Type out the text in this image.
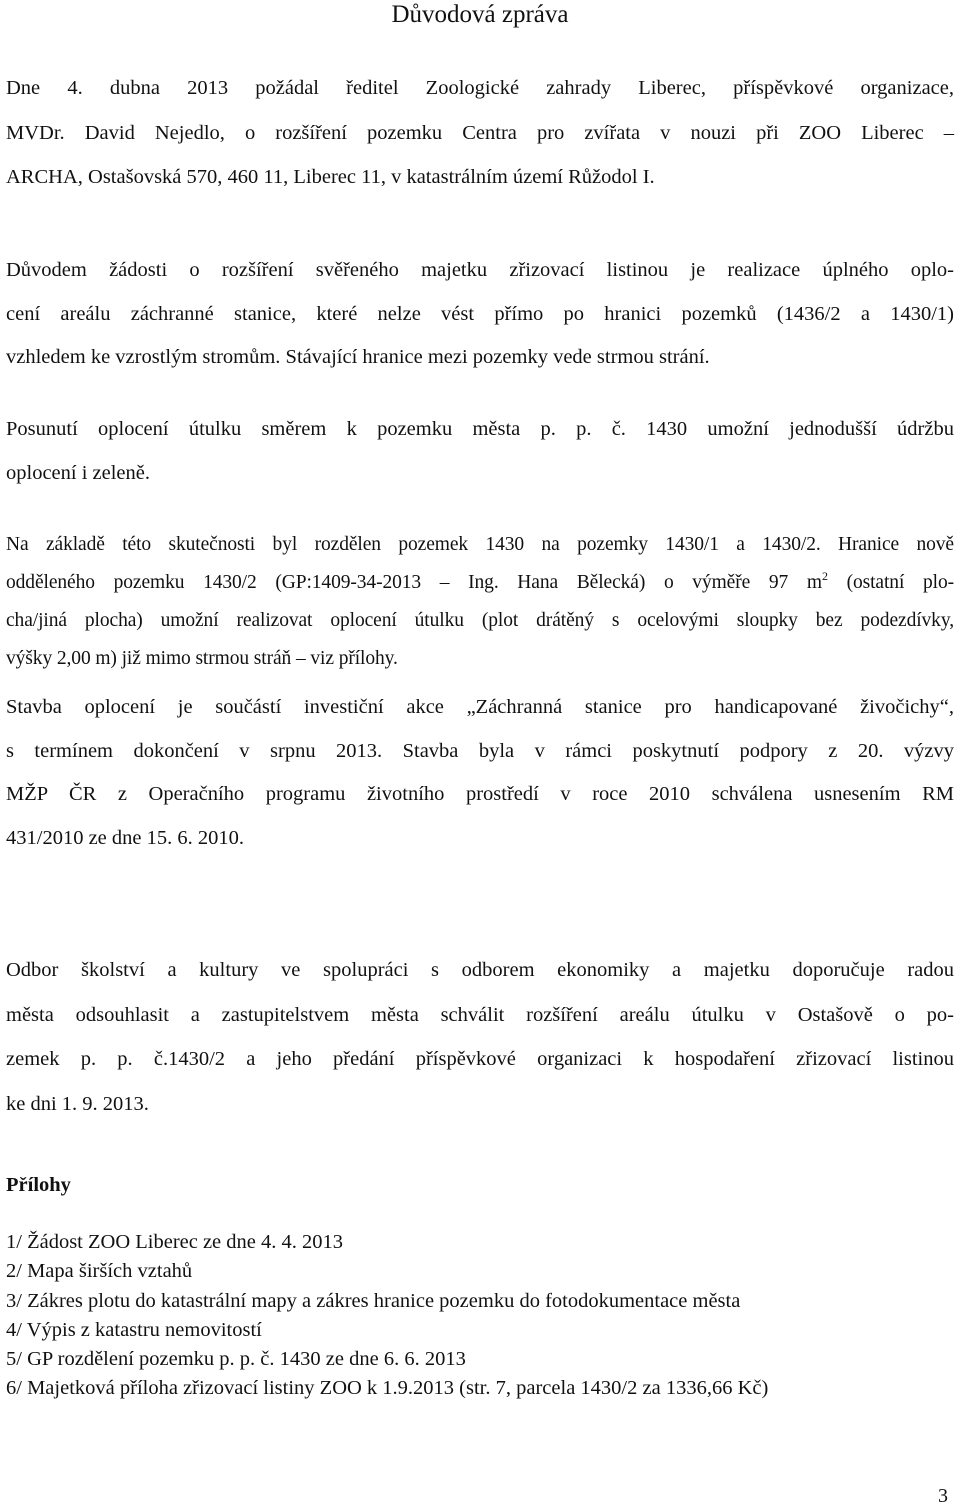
Důvodová zpráva

Dne 4. dubna 2013 požádal ředitel Zoologické zahrady Liberec, příspěvkové organizace,
MVDr. David Nejedlo, o rozšíření pozemku Centra pro zvířata v nouzi při ZOO Liberec –
ARCHA, Ostašovská 570, 460 11, Liberec 11, v katastrálním území Růžodol I.

Důvodem žádosti o rozšíření svěřeného majetku zřizovací listinou je realizace úplného oplo-
cení areálu záchranné stanice, které nelze vést přímo po hranici pozemků (1436/2 a 1430/1)
vzhledem ke vzrostlým stromům. Stávající hranice mezi pozemky vede strmou strání.

Posunutí oplocení útulku směrem k pozemku města p. p. č. 1430 umožní jednodušší údržbu
oplocení i zeleně.

Na základě této skutečnosti byl rozdělen pozemek 1430 na pozemky 1430/1 a 1430/2. Hranice nově
odděleného pozemku 1430/2 (GP:1409-34-2013 – Ing. Hana Bělecká) o výměře 97 $m^2$ (ostatní plo-
cha/jiná plocha) umožní realizovat oplocení útulku (plot drátěný s ocelovými sloupky bez podezdívky,
výšky 2,00 m) již mimo strmou stráň – viz přílohy.

Stavba oplocení je součástí investiční akce „Záchranná stanice pro handicapované živočichy“,
s termínem dokončení v srpnu 2013. Stavba byla v rámci poskytnutí podpory z 20. výzvy
MŽP ČR z Operačního programu životního prostředí v roce 2010 schválena usnesením RM
431/2010 ze dne 15. 6. 2010.

Odbor školství a kultury ve spolupráci s odborem ekonomiky a majetku doporučuje radou
města odsouhlasit a zastupitelstvem města schválit rozšíření areálu útulku v Ostašově o po-
zemek p. p. č.1430/2 a jeho předání příspěvkové organizaci k hospodaření zřizovací listinou
ke dni 1. 9. 2013.

Přílohy
1/ Žádost ZOO Liberec ze dne 4. 4. 2013
2/ Mapa širších vztahů
3/ Zákres plotu do katastrální mapy a zákres hranice pozemku do fotodokumentace města
4/ Výpis z katastru nemovitostí
5/ GP rozdělení pozemku p. p. č. 1430 ze dne 6. 6. 2013
6/ Majetková příloha zřizovací listiny ZOO k 1.9.2013 (str. 7, parcela 1430/2 za 1336,66 Kč)
3
